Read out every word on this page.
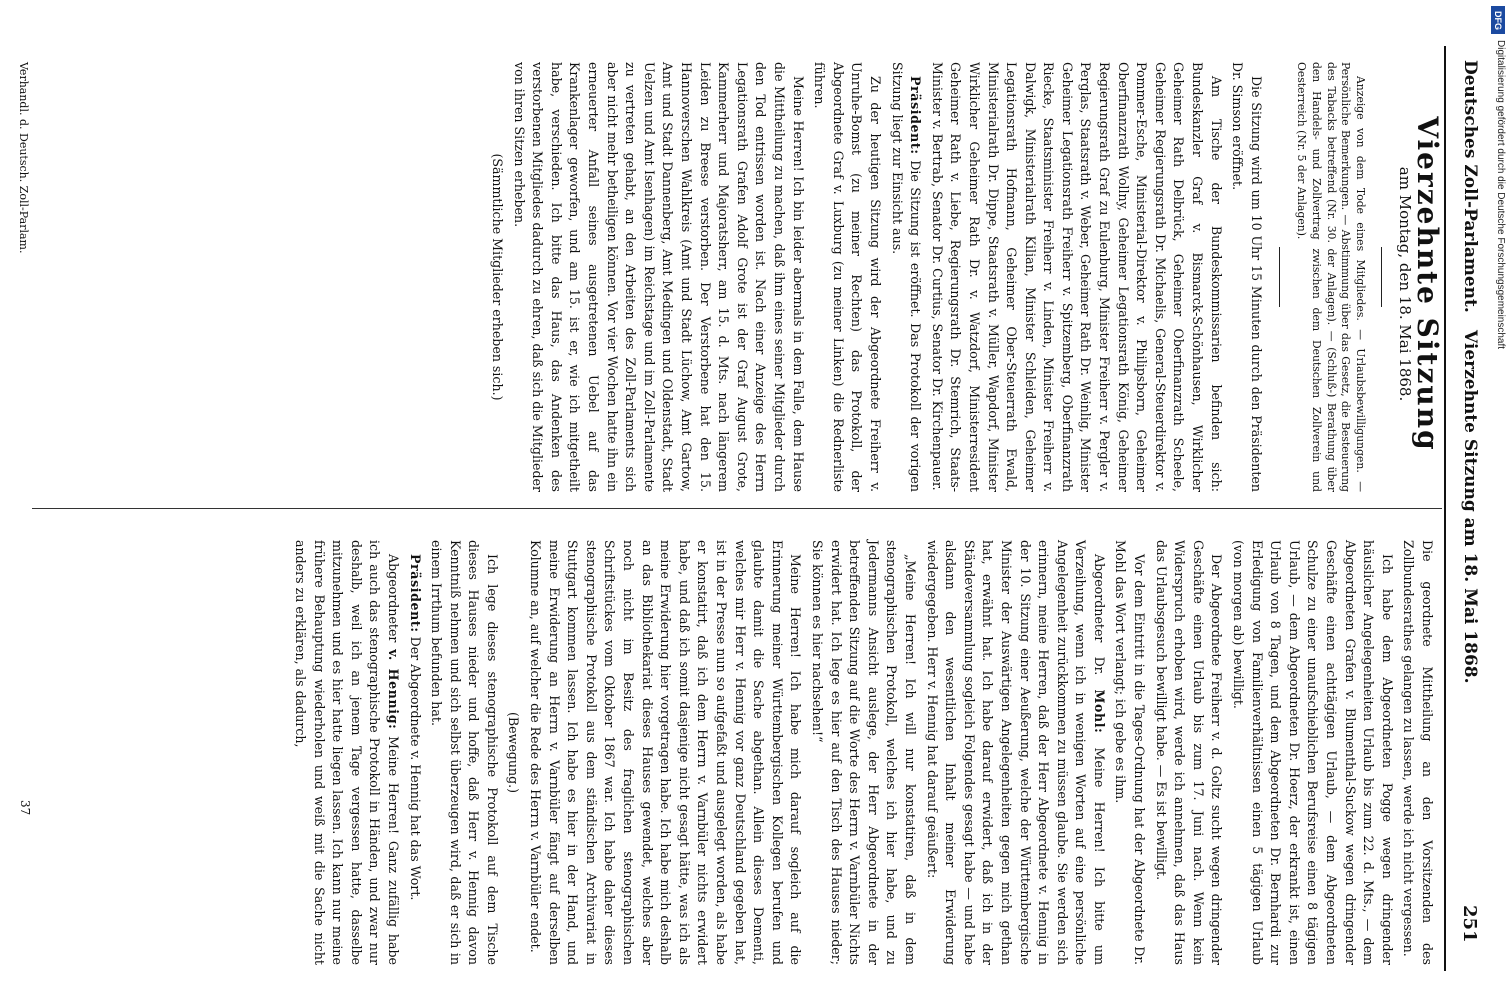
Deutsches Zoll-Parlament.
Vierzehnte Sitzung am 18. Mai 1868.
251

Vierzehnte Sitzung

am Montag, den 18. Mai 1868.

Anzeige von dem Tode eines Mitgliedes. — Urlaubsbewilligungen. — Persönliche Bemerkungen. — Abstimmung über das Gesetz, die Besteuerung des Tabacks betreffend (Nr. 30. der Anlagen). — (Schluß-) Berathung über den Handels- und Zollvertrag zwischen dem Deutschen Zollverein und Oesterreich (Nr. 5 der Anlagen).

Die Sitzung wird um 10 Uhr 15 Minuten durch den Präsidenten Dr. Simson eröffnet.

Am Tische der Bundeskommissarien befinden sich: Bundeskanzler Graf v. Bismarck-Schönhausen, Wirklicher Geheimer Rath Delbrück, Geheimer Oberfinanzrath Scheele, Geheimer Regierungsrath Dr. Michaelis, General-Steuerdirektor v. Pommer-Esche, Ministerial-Direktor v. Philipsborn, Geheimer Oberfinanzrath Wollny, Geheimer Legationsrath König, Geheimer Regierungsrath Graf zu Eulenburg, Minister Freiherr v. Pergler v. Perglas, Staatsrath v. Weber, Geheimer Rath Dr. Weinlig, Minister Geheimer Legationsrath Freiherr v. Spitzemberg, Oberfinanzrath Riecke, Staatsminister Freiherr v. Linden, Minister Freiherr v. Dalwigk, Ministerialrath Kilian, Minister Schleiden, Geheimer Legationsrath Hofmann, Geheimer Ober-Steuerrath Ewald, Ministerialrath Dr. Dippe, Staatsrath v. Müller, Wapdorf, Minister Wirklicher Geheimer Rath Dr. v. Watzdorf, Ministerresident Geheimer Rath v. Liebe, Regierungsrath Dr. Stemrich, Staats-Minister v. Bertrab, Senator Dr. Curtius, Senator Dr. Kirchenpauer.

Präsident: Die Sitzung ist eröffnet. Das Protokoll der vorigen Sitzung liegt zur Einsicht aus.

Zu der heutigen Sitzung wird der Abgeordnete Freiherr v. Unruhe-Bomst (zu meiner Rechten) das Protokoll, der Abgeordnete Graf v. Luxburg (zu meiner Linken) die Rednerliste führen.

Meine Herren! Ich bin leider abermals in dem Falle, dem Hause die Mittheilung zu machen, daß ihm eines seiner Mitglieder durch den Tod entrissen worden ist. Nach einer Anzeige des Herrn Legationsrath Grafen Adolf Grote ist der Graf August Grote, Kammerherr und Majoratsherr, am 15. d. Mts. nach längerem Leiden zu Breese verstorben. Der Verstorbene hat den 15. Hannoverschen Wahlkreis (Amt und Stadt Lüchow, Amt Gartow, Amt und Stadt Dannenberg, Amt Medingen und Oldenstadt, Stadt Uelzen und Amt Isenhagen) im Reichstage und im Zoll-Parlamente zu vertreten gehabt, an den Arbeiten des Zoll-Parlaments sich aber nicht mehr betheiligen können. Vor vier Wochen hatte ihn ein erneuerter Anfall seines ausgetretenen Uebel auf das Krankenlager geworfen, und am 15. ist er, wie ich mitgetheilt habe, verschieden. Ich bitte das Haus, das Andenken des verstorbenen Mitgliedes dadurch zu ehren, daß sich die Mitglieder von ihren Sitzen erheben.

(Sämmtliche Mitglieder erheben sich.)

Die geordnete Mittheilung an den Vorsitzenden des Zollbundesrathes gelangen zu lassen, werde ich nicht vergessen.

Ich habe dem Abgeordneten Pogge wegen dringender häuslicher Angelegenheiten Urlaub bis zum 22. d. Mts., — dem Abgeordneten Grafen v. Blumenthal-Suckow wegen dringender Geschäfte einen achttägigen Urlaub, — dem Abgeordneten Schulze zu einer unaufschieblichen Berufsreise einen 8 tägigen Urlaub, — dem Abgeordneten Dr. Hoerz, der erkrankt ist, einen Urlaub von 8 Tagen, und dem Abgeordneten Dr. Bernhardi zur Erledigung von Familienverhältnissen einen 5 tägigen Urlaub (von morgen ab) bewilligt.

Der Abgeordnete Freiherr v. d. Goltz sucht wegen dringender Geschäfte einen Urlaub bis zum 17. Juni nach. Wenn kein Widerspruch erhoben wird, werde ich annehmen, daß das Haus das Urlaubsgesuch bewilligt habe. — Es ist bewilligt.

Vor dem Eintritt in die Tages-Ordnung hat der Abgeordnete Dr. Mohl das Wort verlangt; ich gebe es ihm.

Abgeordneter Dr. Mohl: Meine Herren! Ich bitte um Verzeihung, wenn ich in wenigen Worten auf eine persönliche Angelegenheit zurückkommen zu müssen glaube. Sie werden sich erinnern, meine Herren, daß der Herr Abgeordnete v. Hennig in der 10. Sitzung einer Aeußerung, welche der Württembergische Minister der Auswärtigen Angelegenheiten gegen mich gethan hat, erwähnt hat. Ich habe darauf erwidert, daß ich in der Ständeversammlung sogleich Folgendes gesagt habe — und habe alsdann den wesentlichen Inhalt meiner Erwiderung wiedergegeben. Herr v. Hennig hat darauf geäußert:

„Meine Herren! Ich will nur konstatiren, daß in dem stenographischen Protokoll, welches ich hier habe, und zu Jedermanns Ansicht auslege, der Herr Abgeordnete in der betreffenden Sitzung auf die Worte des Herrn v. Varnbüler Nichts erwidert hat. Ich lege es hier auf den Tisch des Hauses nieder; Sie können es hier nachsehen!“

Meine Herren! Ich habe mich darauf sogleich auf die Erinnerung meiner Württembergischen Kollegen berufen und glaubte damit die Sache abgethan. Allein dieses Dementi, welches mir Herr v. Hennig vor ganz Deutschland gegeben hat, ist in der Presse nun so aufgefaßt und ausgelegt worden, als habe er konstatirt, daß ich dem Herrn v. Varnbüler nichts erwidert habe, und daß ich somit dasjenige nicht gesagt hätte, was ich als meine Erwiderung hier vorgetragen habe. Ich habe mich deshalb an das Bibliothekariat dieses Hauses gewendet, welches aber noch nicht im Besitz des fraglichen stenographischen Schriftstückes vom Oktober 1867 war. Ich habe daher dieses stenographische Protokoll aus dem ständischen Archivariat in Stuttgart kommen lassen. Ich habe es hier in der Hand, und meine Erwiderung an Herrn v. Varnbüler fängt auf derselben Kolumne an, auf welcher die Rede des Herrn v. Varnbüler endet.

(Bewegung.)

Ich lege dieses stenographische Protokoll auf dem Tische dieses Hauses nieder und hoffe, daß Herr v. Hennig davon Kenntniß nehmen und sich selbst überzeugen wird, daß er sich in einem Irrthum befunden hat.

Präsident: Der Abgeordnete v. Hennig hat das Wort.

Abgeordneter v. Hennig: Meine Herren! Ganz zufällig habe ich auch das stenographische Protokoll in Händen, und zwar nur deshalb, weil ich an jenem Tage vergessen hatte, dasselbe mitzunehmen und es hier hatte liegen lassen. Ich kann nur meine frühere Behauptung wiederholen und weiß mit die Sache nicht anders zu erklären, als dadurch,

Verhandl. d. Deutsch. Zoll-Parlam.
37
DFG
Digitalisierung gefördert durch die Deutsche Forschungsgemeinschaft
